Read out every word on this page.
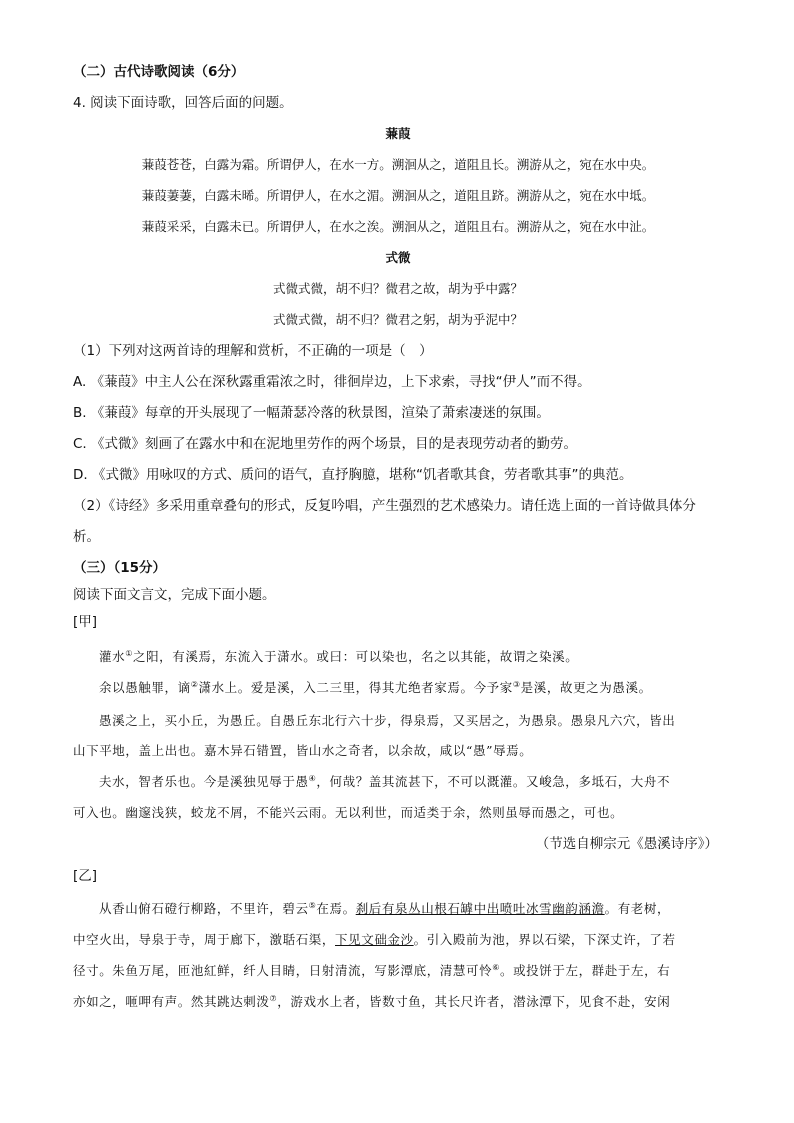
（二）古代诗歌阅读（6分）
4. 阅读下面诗歌，回答后面的问题。
蒹葭
蒹葭苍苍，白露为霜。所谓伊人，在水一方。溯洄从之，道阻且长。溯游从之，宛在水中央。
蒹葭萋萋，白露未晞。所谓伊人，在水之湄。溯洄从之，道阻且跻。溯游从之，宛在水中坻。
蒹葭采采，白露未已。所谓伊人，在水之涘。溯洄从之，道阻且右。溯游从之，宛在水中沚。
式微
式微式微，胡不归？微君之故，胡为乎中露？
式微式微，胡不归？微君之躬，胡为乎泥中？
（1）下列对这两首诗的理解和赏析，不正确的一项是（　）
A. 《蒹葭》中主人公在深秋露重霜浓之时，徘徊岸边，上下求索，寻找“伊人”而不得。
B. 《蒹葭》每章的开头展现了一幅萧瑟冷落的秋景图，渲染了萧索凄迷的氛围。
C. 《式微》刻画了在露水中和在泥地里劳作的两个场景，目的是表现劳动者的勤劳。
D. 《式微》用咏叹的方式、质问的语气，直抒胸臆，堪称“饥者歌其食，劳者歌其事”的典范。
（2）《诗经》多采用重章叠句的形式，反复吟唱，产生强烈的艺术感染力。请任选上面的一首诗做具体分
析。
（三）（15分）
阅读下面文言文，完成下面小题。
[甲]
灌水①之阳，有溪焉，东流入于潇水。或曰：可以染也，名之以其能，故谓之染溪。
余以愚触罪，谪②潇水上。爱是溪，入二三里，得其尤绝者家焉。今予家③是溪，故更之为愚溪。
愚溪之上，买小丘，为愚丘。自愚丘东北行六十步，得泉焉，又买居之，为愚泉。愚泉凡六穴，皆出
山下平地，盖上出也。嘉木异石错置，皆山水之奇者，以余故，咸以“愚”辱焉。
夫水，智者乐也。今是溪独见辱于愚④，何哉？盖其流甚下，不可以溉灌。又峻急，多坻石，大舟不
可入也。幽邃浅狭，蛟龙不屑，不能兴云雨。无以利世，而适类于余，然则虽辱而愚之，可也。
（节选自柳宗元《愚溪诗序》）
[乙]
从香山俯石磴行柳路，不里许，碧云⑤在焉。刹后有泉丛山根石罅中出喷吐冰雪幽韵涵澹。有老树，
中空火出，导泉于寺，周于廊下，激聒石渠，下见文础金沙。引入殿前为池，界以石梁，下深丈许，了若
径寸。朱鱼万尾，匝池紅鲜，纤人目睛，日射清流，写影潭底，清慧可怜⑥。或投饼于左，群赴于左，右
亦如之，咂呷有声。然其跳达刺泼⑦，游戏水上者，皆数寸鱼，其长尺许者，潜泳潭下，见食不赴，安闲
